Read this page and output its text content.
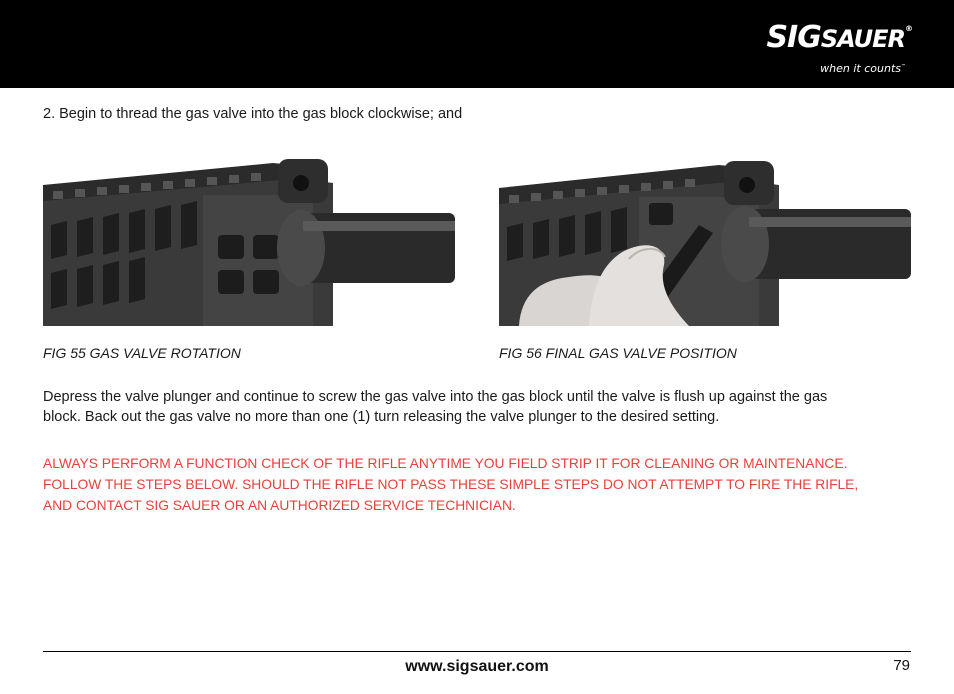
SIGSAUER®
when it counts™
2. Begin to thread the gas valve into the gas block clockwise; and
FIG 55 GAS VALVE ROTATION	FIG 56 FINAL GAS VALVE POSITION
Depress the valve plunger and continue to screw the gas valve into the gas block until the valve is flush up against the gas
block. Back out the gas valve no more than one (1) turn releasing the valve plunger to the desired setting.
ALWAYS PERFORM A FUNCTION CHECK OF THE RIFLE ANYTIME YOU FIELD STRIP IT FOR CLEANING OR MAINTENANCE.
FOLLOW THE STEPS BELOW. SHOULD THE RIFLE NOT PASS THESE SIMPLE STEPS DO NOT ATTEMPT TO FIRE THE RIFLE,
AND CONTACT SIG SAUER OR AN AUTHORIZED SERVICE TECHNICIAN.
www.sigsauer.com	79
